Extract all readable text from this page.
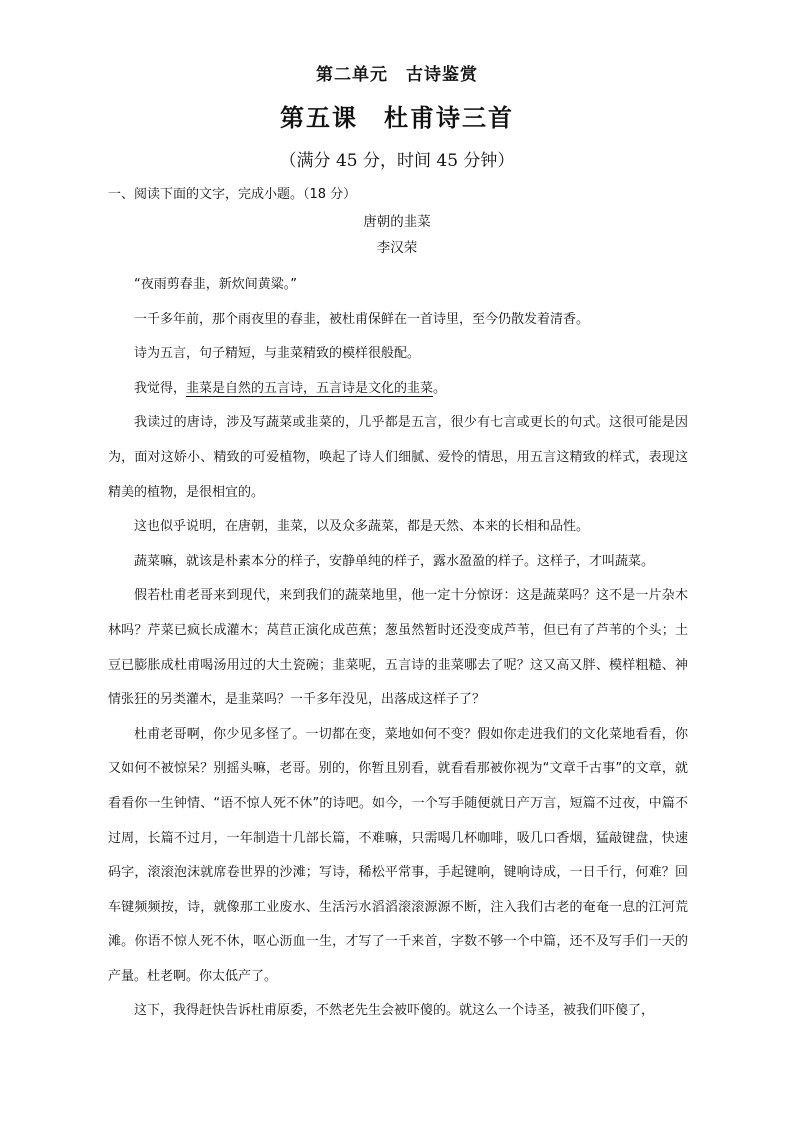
第二单元　古诗鉴赏
第五课　杜甫诗三首
（满分 45 分，时间 45 分钟）
一、阅读下面的文字，完成小题。（18 分）
唐朝的韭菜
李汉荣

“夜雨剪春韭，新炊间黄粱。”

一千多年前，那个雨夜里的春韭，被杜甫保鲜在一首诗里，至今仍散发着清香。

诗为五言，句子精短，与韭菜精致的模样很般配。

我觉得，韭菜是自然的五言诗，五言诗是文化的韭菜。

我读过的唐诗，涉及写蔬菜或韭菜的，几乎都是五言，很少有七言或更长的句式。这很可能是因为，面对这娇小、精致的可爱植物，唤起了诗人们细腻、爱怜的情思，用五言这精致的样式，表现这精美的植物，是很相宜的。

这也似乎说明，在唐朝，韭菜，以及众多蔬菜，都是天然、本来的长相和品性。

蔬菜嘛，就该是朴素本分的样子，安静单纯的样子，露水盈盈的样子。这样子，才叫蔬菜。

假若杜甫老哥来到现代，来到我们的蔬菜地里，他一定十分惊讶：这是蔬菜吗？这不是一片杂木林吗？芹菜已疯长成灌木；莴苣正演化成芭蕉；葱虽然暂时还没变成芦苇，但已有了芦苇的个头；土豆已膨胀成杜甫喝汤用过的大土瓷碗；韭菜呢，五言诗的韭菜哪去了呢？这又高又胖、模样粗糙、神情张狂的另类灌木，是韭菜吗？一千多年没见，出落成这样子了？

杜甫老哥啊，你少见多怪了。一切都在变，菜地如何不变？假如你走进我们的文化菜地看看，你又如何不被惊呆？别摇头嘛，老哥。别的，你暂且别看，就看看那被你视为“文章千古事”的文章，就看看你一生钟情、“语不惊人死不休”的诗吧。如今，一个写手随便就日产万言，短篇不过夜，中篇不过周，长篇不过月，一年制造十几部长篇，不难嘛，只需喝几杯咖啡，吸几口香烟，猛敲键盘，快速码字，滚滚泡沫就席卷世界的沙滩；写诗，稀松平常事，手起键响，键响诗成，一日千行，何难？回车键频频按，诗，就像那工业废水、生活污水滔滔滚滚源源不断，注入我们古老的奄奄一息的江河荒滩。你语不惊人死不休，呕心沥血一生，才写了一千来首，字数不够一个中篇，还不及写手们一天的产量。杜老啊。你太低产了。

这下，我得赶快告诉杜甫原委，不然老先生会被吓傻的。就这么一个诗圣，被我们吓傻了，
